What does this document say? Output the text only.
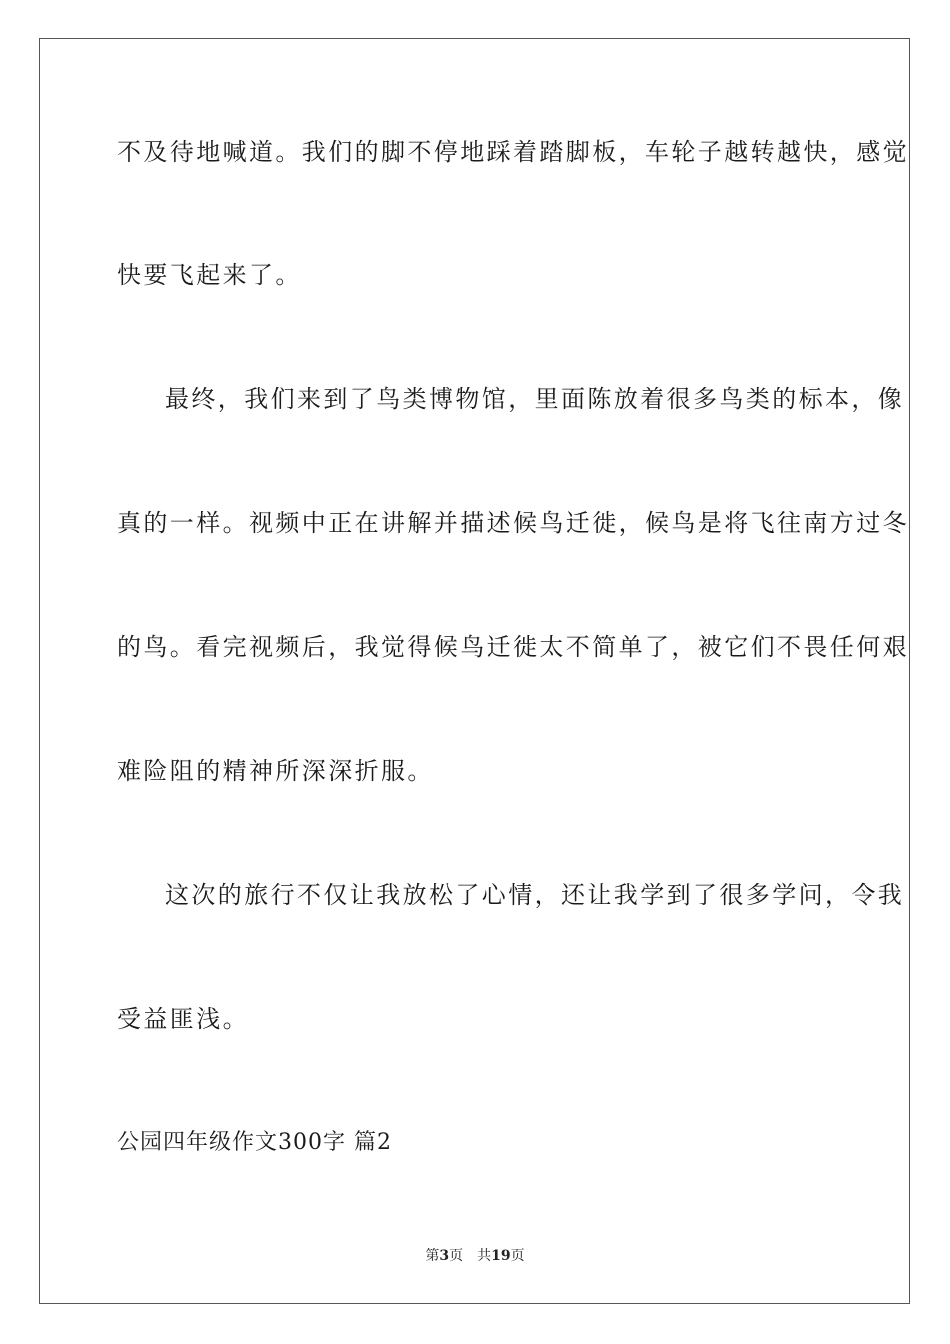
不及待地喊道。我们的脚不停地踩着踏脚板，车轮子越转越快，感觉
快要飞起来了。
最终，我们来到了鸟类博物馆，里面陈放着很多鸟类的标本，像
真的一样。视频中正在讲解并描述候鸟迁徙，候鸟是将飞往南方过冬
的鸟。看完视频后，我觉得候鸟迁徙太不简单了，被它们不畏任何艰
难险阻的精神所深深折服。
这次的旅行不仅让我放松了心情，还让我学到了很多学问，令我
受益匪浅。
公园四年级作文300字 篇2
第3页 共19页
